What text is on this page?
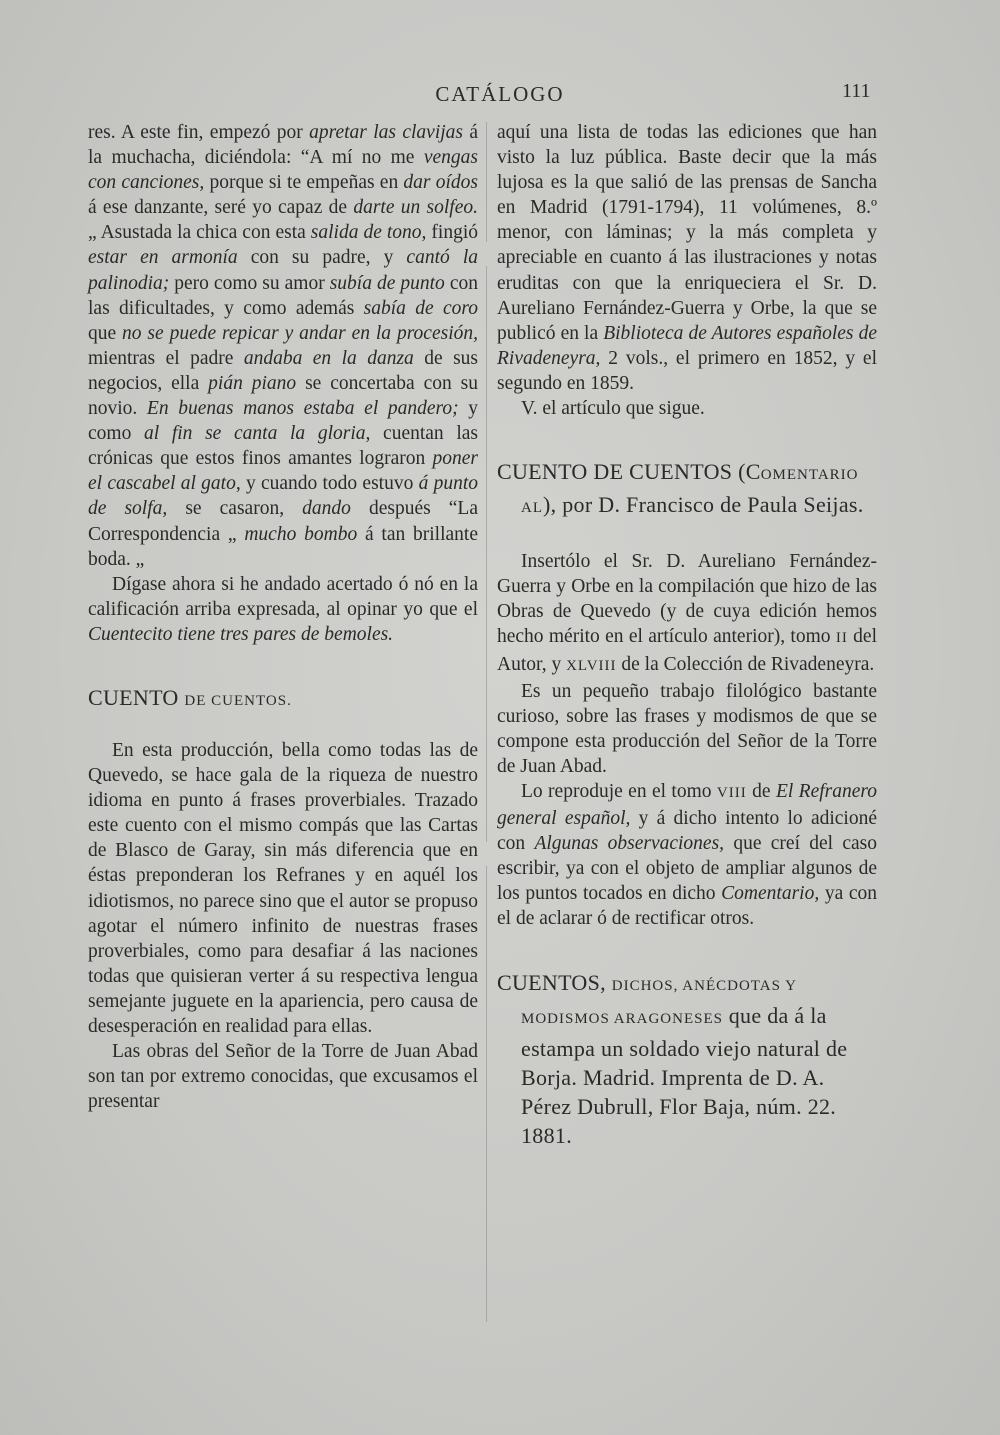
CATÁLOGO	111

res. A este fin, empezó por apretar las clavijas á la muchacha, diciéndola: “A mí no me vengas con canciones, porque si te empeñas en dar oídos á ese danzante, seré yo capaz de darte un solfeo. „ Asustada la chica con esta salida de tono, fingió estar en armonía con su padre, y cantó la palinodia; pero como su amor subía de punto con las dificultades, y como además sabía de coro que no se puede repicar y andar en la procesión, mientras el padre andaba en la danza de sus negocios, ella pián piano se concertaba con su novio. En buenas manos estaba el pandero; y como al fin se canta la gloria, cuentan las crónicas que estos finos amantes lograron poner el cascabel al gato, y cuando todo estuvo á punto de solfa, se casaron, dando después “La Correspondencia „ mucho bombo á tan brillante boda. „

Dígase ahora si he andado acertado ó nó en la calificación arriba expresada, al opinar yo que el Cuentecito tiene tres pares de bemoles.

CUENTO DE CUENTOS.

En esta producción, bella como todas las de Quevedo, se hace gala de la riqueza de nuestro idioma en punto á frases proverbiales. Trazado este cuento con el mismo compás que las Cartas de Blasco de Garay, sin más diferencia que en éstas preponderan los Refranes y en aquél los idiotismos, no parece sino que el autor se propuso agotar el número infinito de nuestras frases proverbiales, como para desafiar á las naciones todas que quisieran verter á su respectiva lengua semejante juguete en la apariencia, pero causa de desesperación en realidad para ellas.

Las obras del Señor de la Torre de Juan Abad son tan por extremo conocidas, que excusamos el presentar

aquí una lista de todas las ediciones que han visto la luz pública. Baste decir que la más lujosa es la que salió de las prensas de Sancha en Madrid (1791-1794), 11 volúmenes, 8.º menor, con láminas; y la más completa y apreciable en cuanto á las ilustraciones y notas eruditas con que la enriqueciera el Sr. D. Aureliano Fernández-Guerra y Orbe, la que se publicó en la Biblioteca de Autores españoles de Rivadeneyra, 2 vols., el primero en 1852, y el segundo en 1859.

V. el artículo que sigue.

CUENTO DE CUENTOS (COMENTARIO AL), por D. Francisco de Paula Seijas.

Insertólo el Sr. D. Aureliano Fernández-Guerra y Orbe en la compilación que hizo de las Obras de Quevedo (y de cuya edición hemos hecho mérito en el artículo anterior), tomo II del Autor, y XLVIII de la Colección de Rivadeneyra.

Es un pequeño trabajo filológico bastante curioso, sobre las frases y modismos de que se compone esta producción del Señor de la Torre de Juan Abad.

Lo reproduje en el tomo VIII de El Refranero general español, y á dicho intento lo adicioné con Algunas observaciones, que creí del caso escribir, ya con el objeto de ampliar algunos de los puntos tocados en dicho Comentario, ya con el de aclarar ó de rectificar otros.

CUENTOS, DICHOS, ANÉCDOTAS Y MODISMOS ARAGONESES que da á la estampa un soldado viejo natural de Borja. Madrid. Imprenta de D. A. Pérez Dubrull, Flor Baja, núm. 22. 1881.
